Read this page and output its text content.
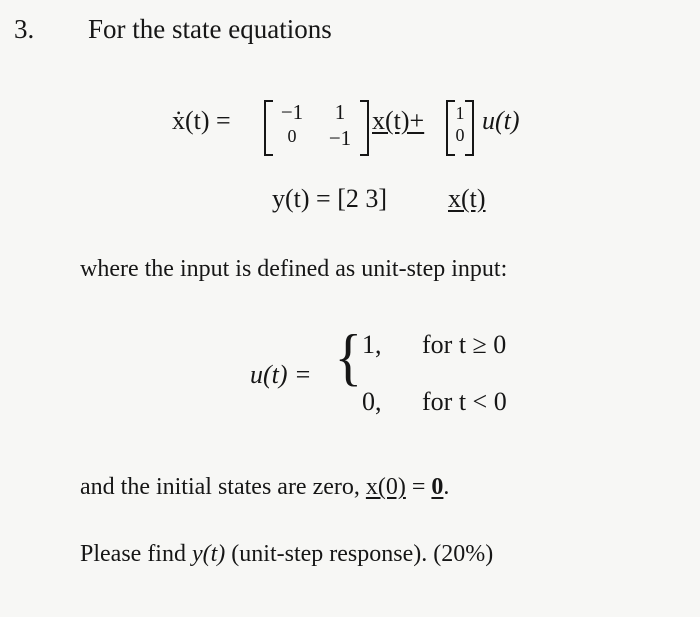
3. For the state equations
ẋ(t) =	−1	1
0	−1
x(t)+ 1
0 u(t)
y(t) = [2 3] x(t)
where the input is defined as unit-step input:
u(t) = { 1, for t ≥ 0
0, for t < 0
and the initial states are zero, x(0) = 0.
Please find y(t) (unit-step response). (20%)
